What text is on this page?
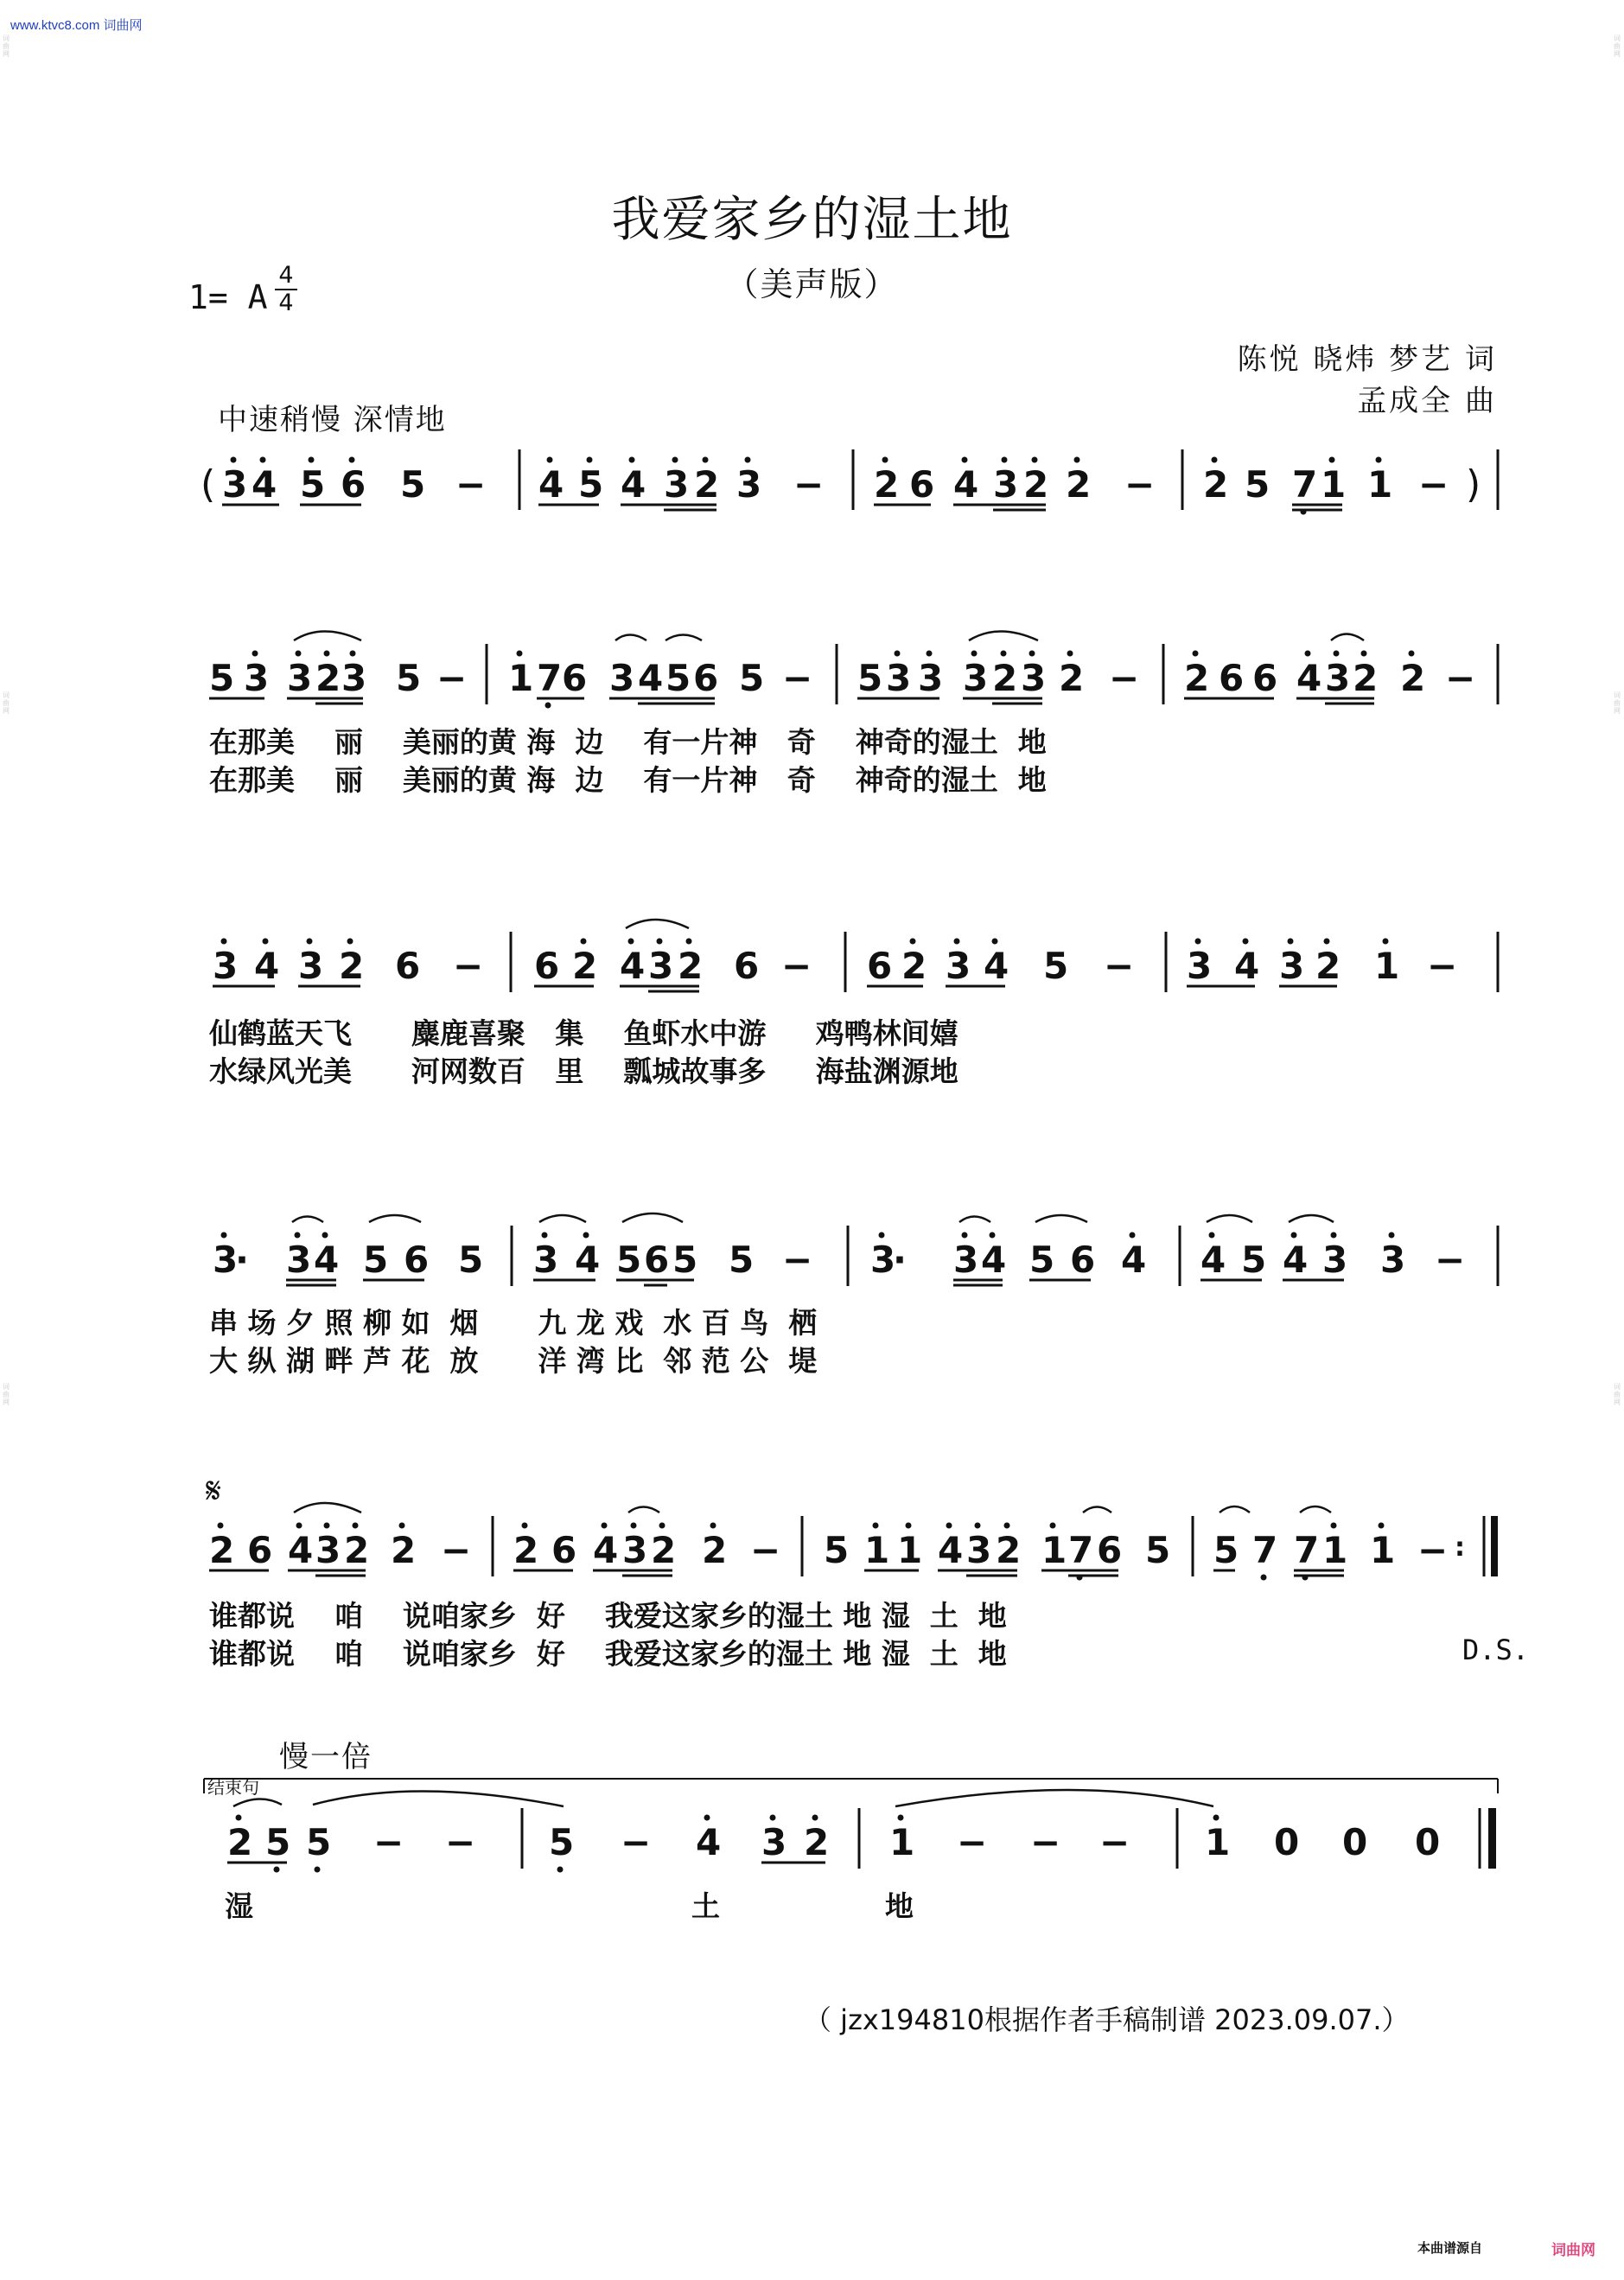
www.ktvc8.com 词曲网
我爱家乡的湿土地
（美声版）
1= A
4
4
陈悦 晓炜 梦艺 词
孟成全 曲
中速稍慢 深情地
( 3 4 5 6 5 − 4 5 4 3 2 3 − 2 6 4 3 2 2 − 2 5 7 1 1 − )
5 3 3 2 3 5 − 1 7 6 3 4 5 6 5 − 5 3 3 3 2 3 2 − 2 6 6 4 3 2 2 −
3 4 3 2 6 − 6 2 4 3 2 6 − 6 2 3 4 5 − 3 4 3 2 1 −
3
· 3 4 5 6 5 3 4 5 6 5 5 − 3
· 3 4 5 6 4 4 5 4 3 3 −
2 6 4 3 2 2 − 2 6 4 3 2 2 − 5 1 1 4 3 2 1 7 6 5 5 7 7 1 1 − :
2 5 5 − − 5 − 4 3 2 1 − − − 1 0 0 0
𝄋
在那美    丽    美丽的黄 海  边    有一片神   奇    神奇的湿土  地
在那美    丽    美丽的黄 海  边    有一片神   奇    神奇的湿土  地
仙鹤蓝天飞      麋鹿喜聚   集    鱼虾水中游     鸡鸭林间嬉
水绿风光美      河网数百   里    瓢城故事多     海盐渊源地
串 场 夕 照 柳 如  烟      九 龙 戏  水 百 鸟  栖
大 纵 湖 畔 芦 花  放      洋 湾 比  邻 范 公  堤
谁都说    咱    说咱家乡  好    我爱这家乡的湿土 地 湿  土  地
谁都说    咱    说咱家乡  好    我爱这家乡的湿土 地 湿  土  地
湿	土	地
D.S.
慢一倍
结束句
（ jzx194810根据作者手稿制谱 2023.09.07.）
词曲网
词曲网
词曲网
词曲网
词曲网
词曲网
本曲谱源自	词曲网
